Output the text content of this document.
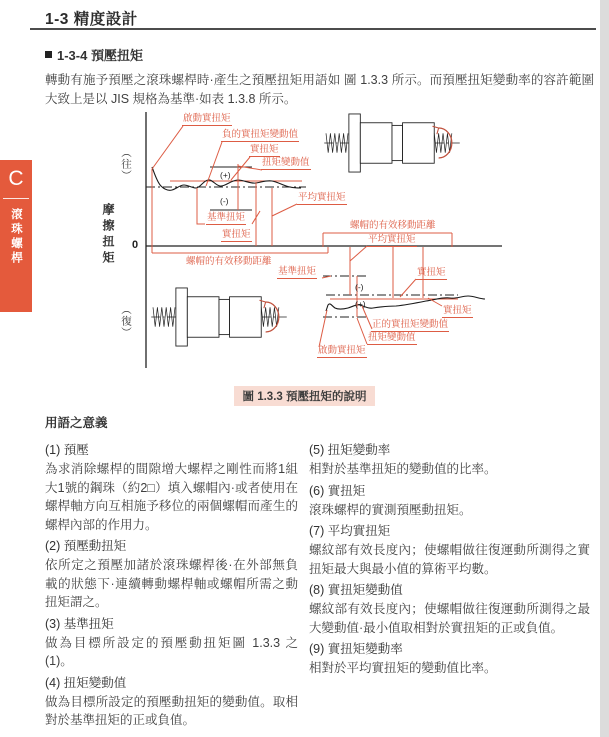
1-3 精度設計
1-3-4 預壓扭矩
轉動有施予預壓之滾珠螺桿時·產生之預壓扭矩用語如 圖 1.3.3 所示。而預壓扭矩變動率的容許範圍大致上是以 JIS 規格為基準·如表 1.3.8 所示。
C
滾珠螺桿
啟動實扭矩
負的實扭矩變動值
實扭矩
扭矩變動值
平均實扭矩
基準扭矩
實扭矩
螺帽的有效移動距離
螺帽的有效移動距離
平均實扭矩
基準扭矩	實扭矩
實扭矩
正的實扭矩變動值
扭矩變動值
啟動實扭矩
(+)
(-)
(-)
(+)
0
（往）
（復）
摩擦扭矩
圖 1.3.3 預壓扭矩的說明
用語之意義
(1) 預壓
為求消除螺桿的間隙增大螺桿之剛性而將1組大1號的鋼珠（約2□）填入螺帽內·或者使用在螺桿軸方向互相施予移位的兩個螺帽而產生的螺桿內部的作用力。
(2) 預壓動扭矩
依所定之預壓加諸於滾珠螺桿後·在外部無負載的狀態下·連續轉動螺桿軸或螺帽所需之動扭矩謂之。
(3) 基準扭矩
做為目標所設定的預壓動扭矩圖 1.3.3 之 (1)。
(4) 扭矩變動值
做為目標所設定的預壓動扭矩的變動值。取相對於基準扭矩的正或負值。
(5) 扭矩變動率
相對於基準扭矩的變動值的比率。
(6) 實扭矩
滾珠螺桿的實測預壓動扭矩。
(7) 平均實扭矩
螺紋部有效長度內；使螺帽做往復運動所測得之實扭矩最大與最小值的算術平均數。
(8) 實扭矩變動值
螺紋部有效長度內；使螺帽做往復運動所測得之最大變動值·最小值取相對於實扭矩的正或負值。
(9) 實扭矩變動率
相對於平均實扭矩的變動值比率。
